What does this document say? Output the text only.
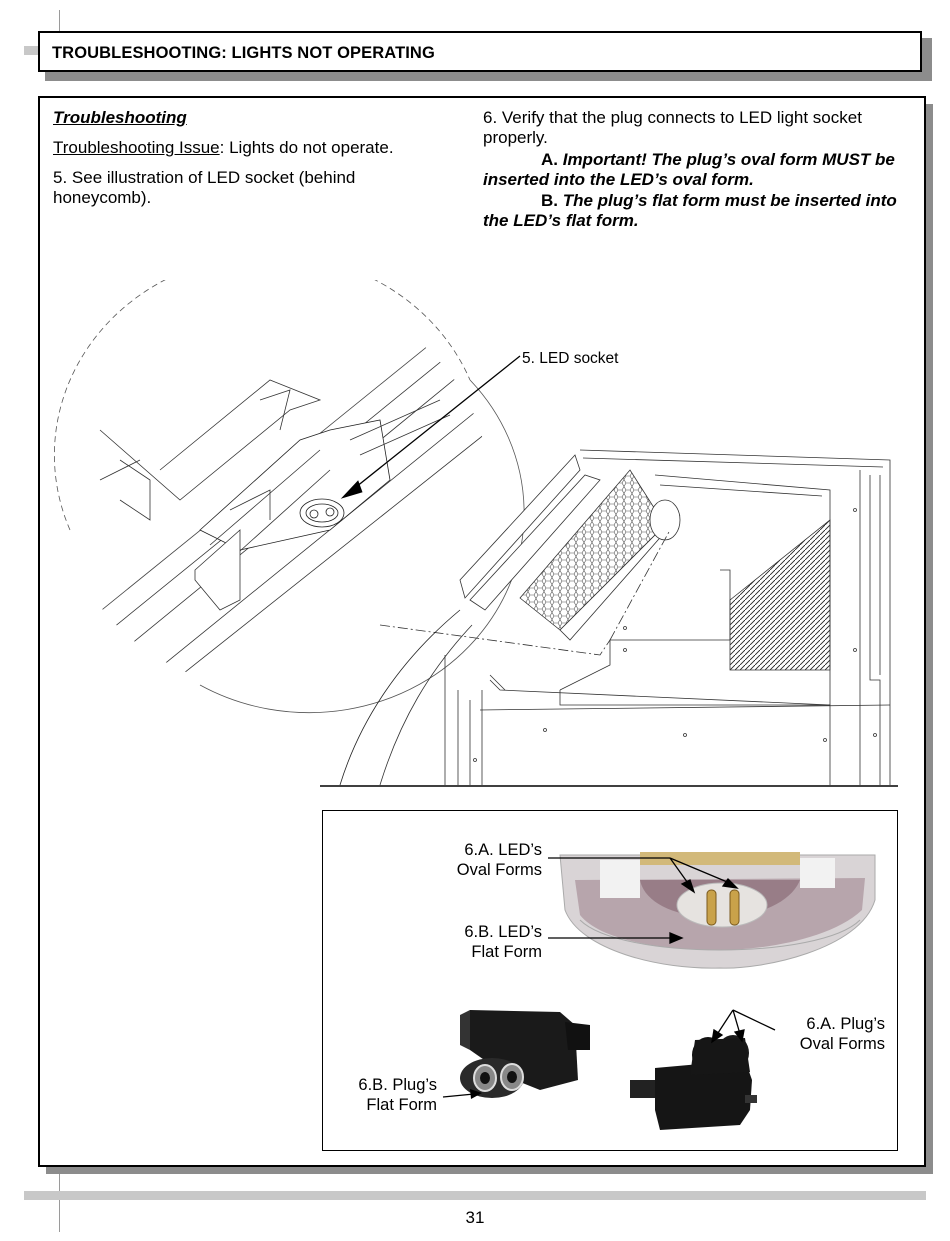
TROUBLESHOOTING: LIGHTS NOT OPERATING
Troubleshooting
Troubleshooting Issue: Lights do not operate.
5. See illustration of LED socket (behind honeycomb).
6. Verify that the plug connects to LED light socket properly.
A. Important! The plug’s oval form MUST be inserted into the LED’s oval form.
B. The plug’s flat form must be inserted into the LED’s flat form.
5. LED socket
6.A. LED’s
Oval Forms
6.B. LED’s
Flat Form
6.B. Plug’s
Flat Form
6.A. Plug’s
Oval Forms
31
